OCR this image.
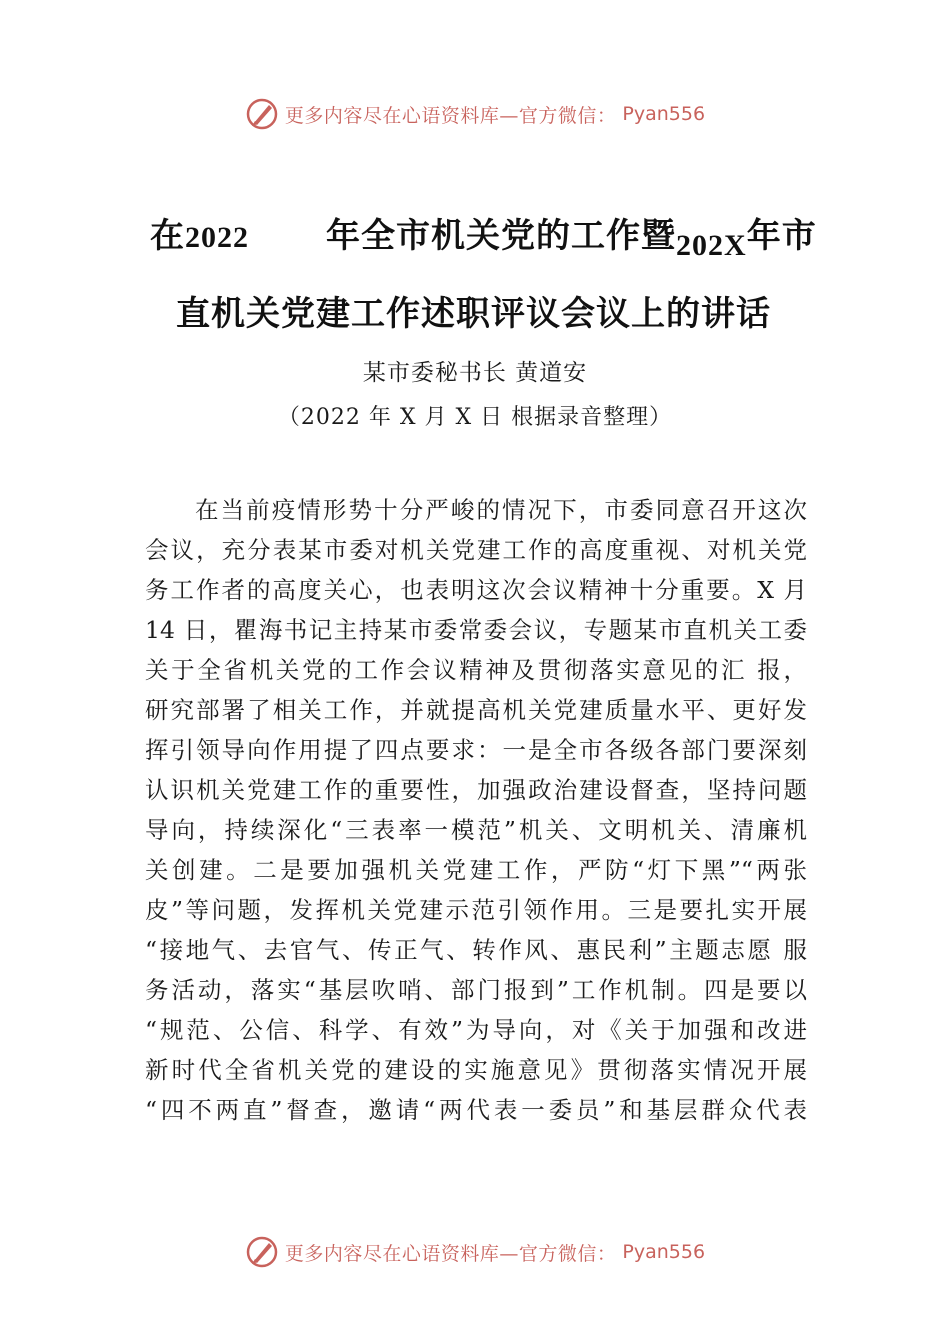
更多内容尽在心语资料库—官方微信： Pyan556
在2022 年全市机关党的工作暨202X年市
直机关党建工作述职评议会议上的讲话
某市委秘书长 黄道安
（2022 年 X 月 X 日 根据录音整理）
在当前疫情形势十分严峻的情况下，市委同意召开这次
会议，充分表某市委对机关党建工作的高度重视、对机关党
务工作者的高度关心，也表明这次会议精神十分重要。X 月
14 日，瞿海书记主持某市委常委会议，专题某市直机关工委
关于全省机关党的工作会议精神及贯彻落实意见的汇 报，
研究部署了相关工作，并就提高机关党建质量水平、更好发
挥引领导向作用提了四点要求：一是全市各级各部门要深刻
认识机关党建工作的重要性，加强政治建设督查，坚持问题
导向，持续深化“三表率一模范”机关、文明机关、清廉机
关创建。二是要加强机关党建工作，严防“灯下黑”“两张
皮”等问题，发挥机关党建示范引领作用。三是要扎实开展
“接地气、去官气、传正气、转作风、惠民利”主题志愿 服
务活动，落实“基层吹哨、部门报到”工作机制。四是要以
“规范、公信、科学、有效”为导向，对《关于加强和改进
新时代全省机关党的建设的实施意见》贯彻落实情况开展
“四不两直”督查，邀请“两代表一委员”和基层群众代表
更多内容尽在心语资料库—官方微信： Pyan556
